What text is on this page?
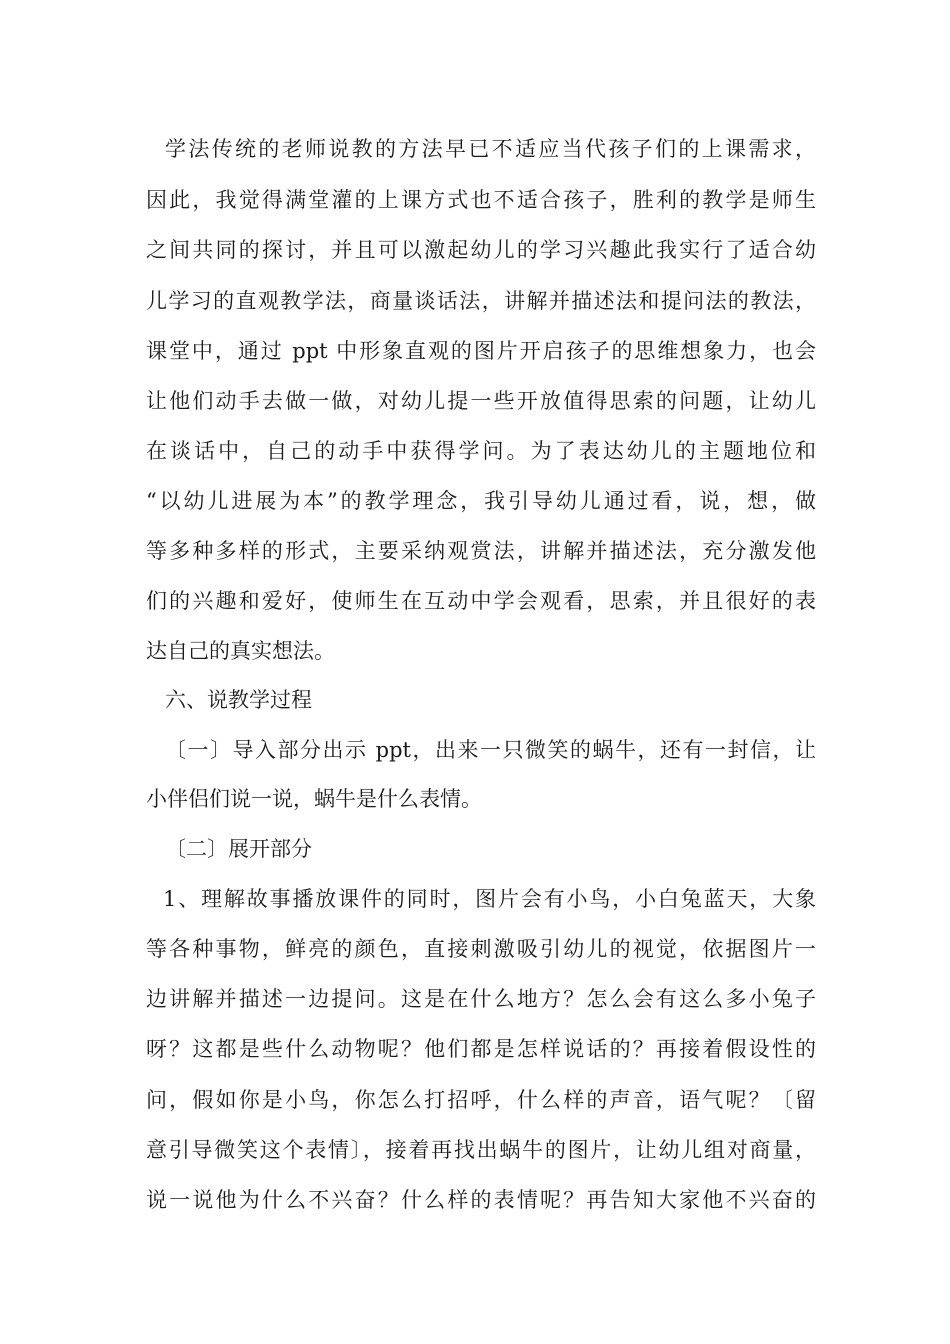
学法传统的老师说教的方法早已不适应当代孩子们的上课需求，
因此，我觉得满堂灌的上课方式也不适合孩子，胜利的教学是师生
之间共同的探讨，并且可以激起幼儿的学习兴趣此我实行了适合幼
儿学习的直观教学法，商量谈话法，讲解并描述法和提问法的教法，
课堂中，通过 ppt 中形象直观的图片开启孩子的思维想象力，也会
让他们动手去做一做，对幼儿提一些开放值得思索的问题，让幼儿
在谈话中，自己的动手中获得学问。为了表达幼儿的主题地位和
“以幼儿进展为本”的教学理念，我引导幼儿通过看，说，想，做
等多种多样的形式，主要采纳观赏法，讲解并描述法，充分激发他
们的兴趣和爱好，使师生在互动中学会观看，思索，并且很好的表
达自己的真实想法。
六、说教学过程
〔一〕导入部分出示 ppt，出来一只微笑的蜗牛，还有一封信，让
小伴侣们说一说，蜗牛是什么表情。
〔二〕展开部分
1、理解故事播放课件的同时，图片会有小鸟，小白兔蓝天，大象
等各种事物，鲜亮的颜色，直接刺激吸引幼儿的视觉，依据图片一
边讲解并描述一边提问。这是在什么地方？怎么会有这么多小兔子
呀？这都是些什么动物呢？他们都是怎样说话的？再接着假设性的
问，假如你是小鸟，你怎么打招呼，什么样的声音，语气呢？〔留
意引导微笑这个表情〕，接着再找出蜗牛的图片，让幼儿组对商量，
说一说他为什么不兴奋？什么样的表情呢？再告知大家他不兴奋的
